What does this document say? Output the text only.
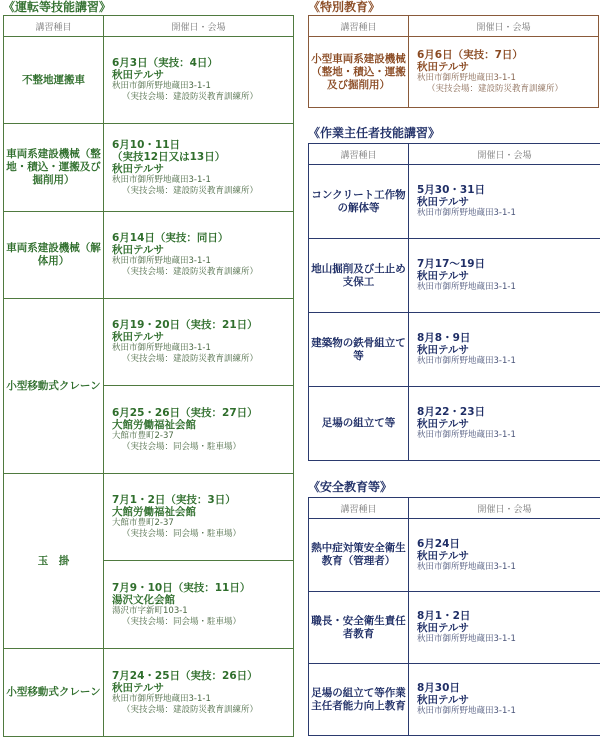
《運転等技能講習》
講習種目	開催日・会場
不整地運搬車	6月3日（実技：4日）
秋田テルサ
秋田市御所野地蔵田3-1-1
（実技会場：建設防災教育訓練所）

車両系建設機械（整地・積込・運搬及び掘削用）	6月10・11日
（実技12日又は13日）
秋田テルサ
秋田市御所野地蔵田3-1-1
（実技会場：建設防災教育訓練所）

車両系建設機械（解体用）	6月14日（実技：同日）
秋田テルサ
秋田市御所野地蔵田3-1-1
（実技会場：建設防災教育訓練所）

小型移動式クレーン	6月19・20日（実技：21日）
秋田テルサ
秋田市御所野地蔵田3-1-1
（実技会場：建設防災教育訓練所）

	6月25・26日（実技：27日）
大館労働福祉会館
大館市豊町2-37
（実技会場：同会場・駐車場）

玉　掛	7月1・2日（実技：3日）
大館労働福祉会館
大館市豊町2-37
（実技会場：同会場・駐車場）

	7月9・10日（実技：11日）
湯沢文化会館
湯沢市字新町103-1
（実技会場：同会場・駐車場）

小型移動式クレーン	7月24・25日（実技：26日）
秋田テルサ
秋田市御所野地蔵田3-1-1
（実技会場：建設防災教育訓練所）
《特別教育》
講習種目	開催日・会場
小型車両系建設機械（整地・積込・運搬及び掘削用）	6月6日（実技：7日）
秋田テルサ
秋田市御所野地蔵田3-1-1
（実技会場：建設防災教育訓練所）
《作業主任者技能講習》
講習種目	開催日・会場
コンクリート工作物の解体等	5月30・31日
秋田テルサ
秋田市御所野地蔵田3-1-1

地山掘削及び土止め支保工	7月17～19日
秋田テルサ
秋田市御所野地蔵田3-1-1

建築物の鉄骨組立て等	8月8・9日
秋田テルサ
秋田市御所野地蔵田3-1-1

足場の組立て等	8月22・23日
秋田テルサ
秋田市御所野地蔵田3-1-1
《安全教育等》
講習種目	開催日・会場
熱中症対策安全衛生教育（管理者）	6月24日
秋田テルサ
秋田市御所野地蔵田3-1-1

職長・安全衛生責任者教育	8月1・2日
秋田テルサ
秋田市御所野地蔵田3-1-1

足場の組立て等作業主任者能力向上教育	8月30日
秋田テルサ
秋田市御所野地蔵田3-1-1
